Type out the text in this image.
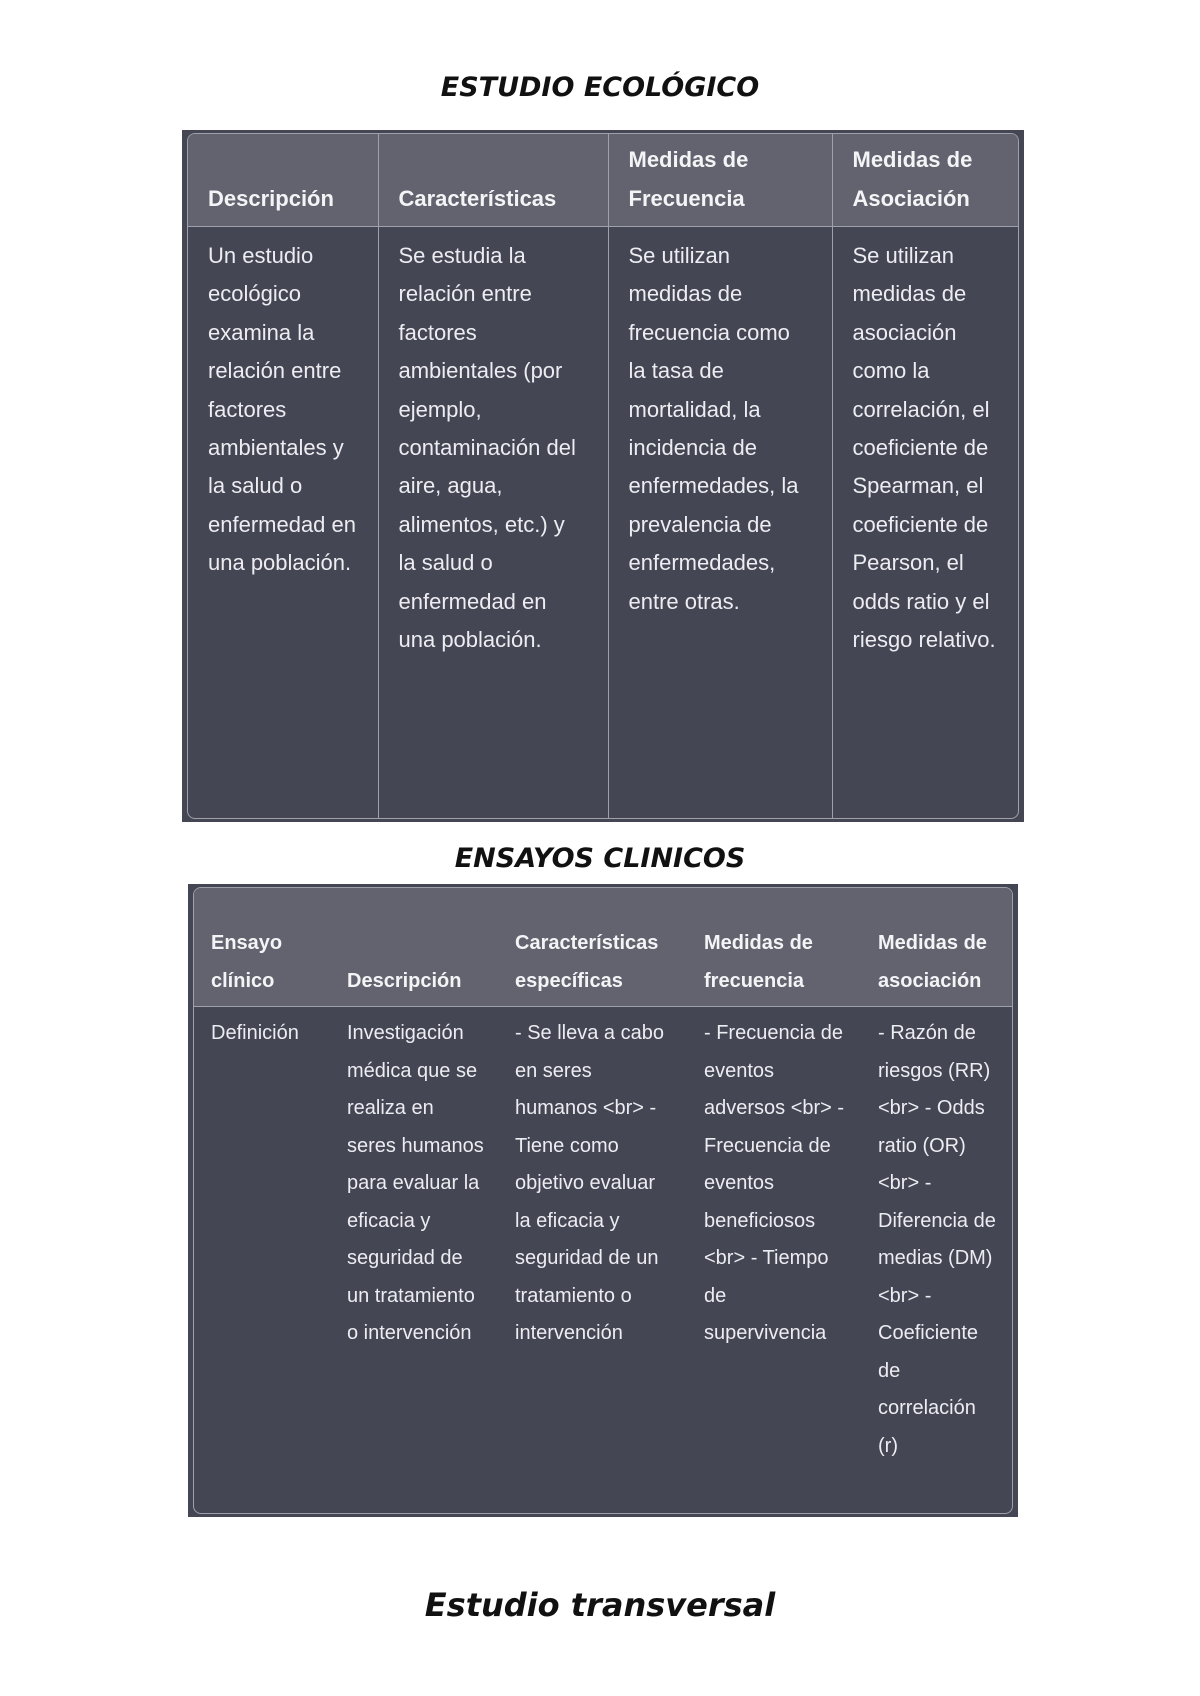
ESTUDIO ECOLÓGICO
Descripción	Características	Medidas de Frecuencia	Medidas de Asociación
Un estudio ecológico examina la relación entre factores ambientales y la salud o enfermedad en una población.	Se estudia la relación entre factores ambientales (por ejemplo, contaminación del aire, agua, alimentos, etc.) y la salud o enfermedad en una población.	Se utilizan medidas de frecuencia como la tasa de mortalidad, la incidencia de enfermedades, la prevalencia de enfermedades, entre otras.	Se utilizan medidas de asociación como la correlación, el coeficiente de Spearman, el coeficiente de Pearson, el odds ratio y el riesgo relativo.
ENSAYOS CLINICOS
Ensayo clínico	Descripción	Características específicas	Medidas de frecuencia	Medidas de asociación
Definición	Investigación médica que se realiza en seres humanos para evaluar la eficacia y seguridad de un tratamiento o intervención	- Se lleva a cabo en seres humanos <br> - Tiene como objetivo evaluar la eficacia y seguridad de un tratamiento o intervención	- Frecuencia de eventos adversos <br> - Frecuencia de eventos beneficiosos <br> - Tiempo de supervivencia	- Razón de riesgos (RR) <br> - Odds ratio (OR) <br> - Diferencia de medias (DM) <br> - Coeficiente de correlación (r)
Estudio transversal
